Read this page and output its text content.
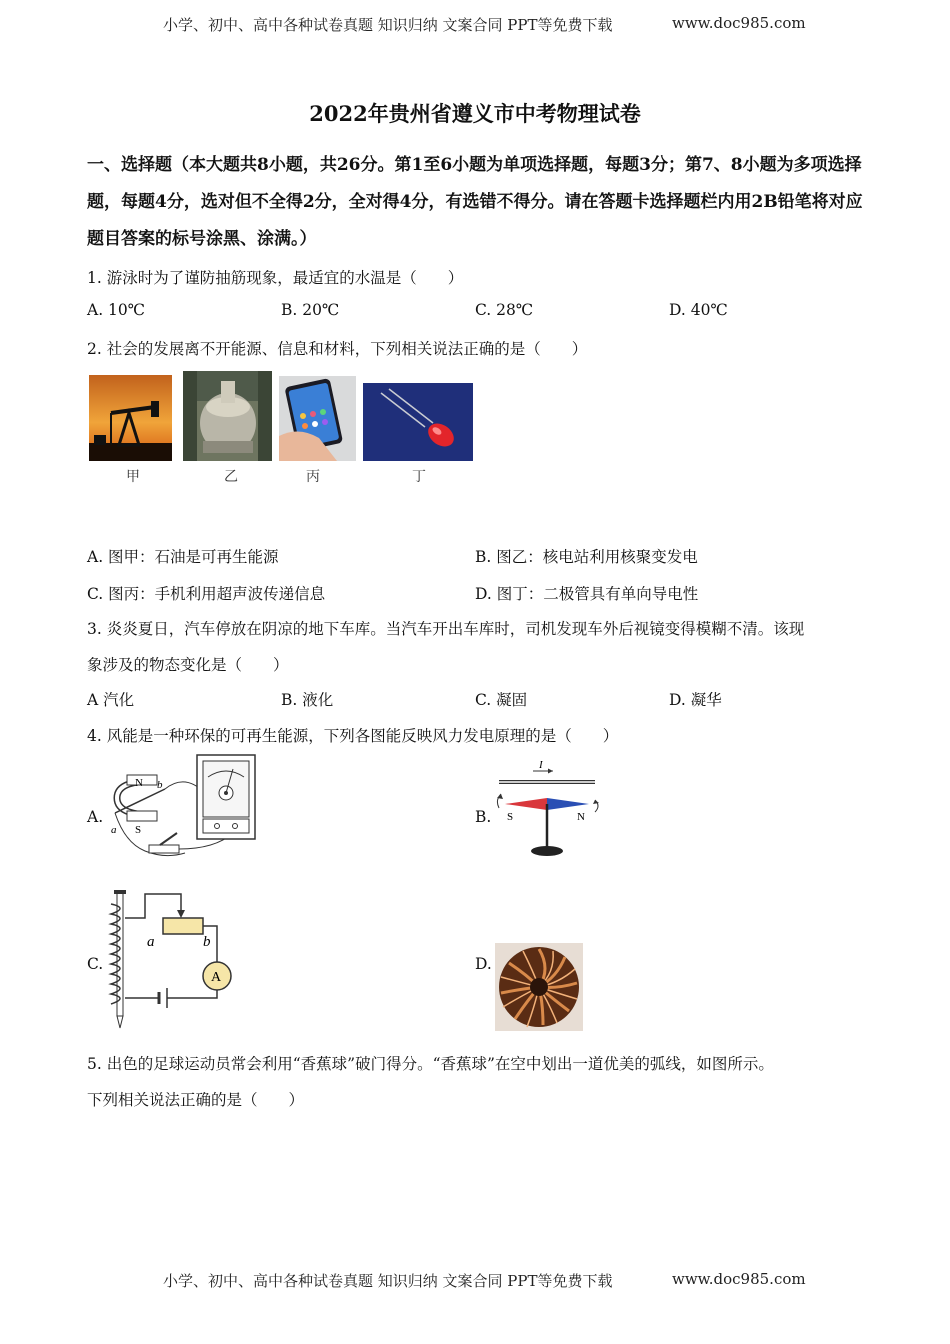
小学、初中、高中各种试卷真题 知识归纳 文案合同 PPT等免费下载	www.doc985.com
2022年贵州省遵义市中考物理试卷
一、选择题（本大题共8小题，共26分。第1至6小题为单项选择题，每题3分；第7、8小题为多项选择题，每题4分，选对但不全得2分，全对得4分，有选错不得分。请在答题卡选择题栏内用2B铅笔将对应题目答案的标号涂黑、涂满。）
1. 游泳时为了谨防抽筋现象，最适宜的水温是（　　）
A. 10℃	B. 20℃	C. 28℃	D. 40℃
2. 社会的发展离不开能源、信息和材料，下列相关说法正确的是（　　）
甲	乙	丙	丁
A. 图甲：石油是可再生能源	B. 图乙：核电站利用核聚变发电
C. 图丙：手机利用超声波传递信息	D. 图丁：二极管具有单向导电性
3. 炎炎夏日，汽车停放在阴凉的地下车库。当汽车开出车库时，司机发现车外后视镜变得模糊不清。该现
象涉及的物态变化是（　　）
A 汽化	B. 液化	C. 凝固	D. 凝华
4. 风能是一种环保的可再生能源，下列各图能反映风力发电原理的是（　　）
A.
N
S
a
b
B.
I
S	N
C.
A
a	b
D.
5. 出色的足球运动员常会利用“香蕉球”破门得分。“香蕉球”在空中划出一道优美的弧线，如图所示。
下列相关说法正确的是（　　）
小学、初中、高中各种试卷真题 知识归纳 文案合同 PPT等免费下载	www.doc985.com
